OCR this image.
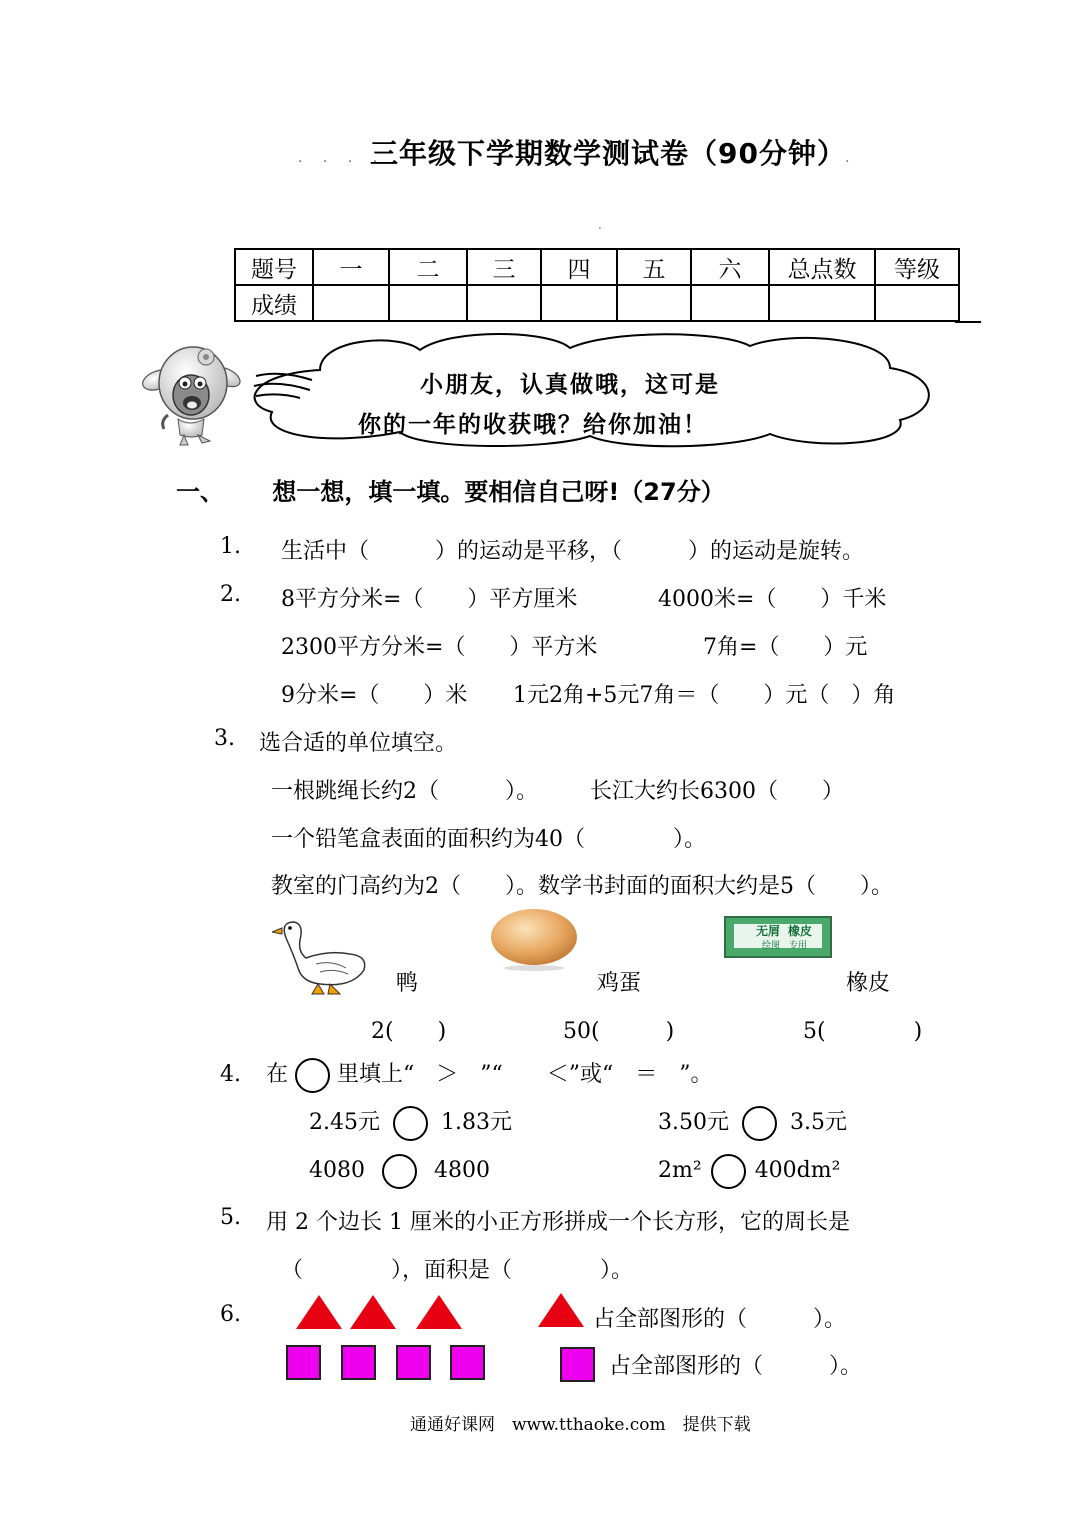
. . . .
三年级下学期数学测试卷（90分钟） .
.
题号	一	二	三	四	五	六	总点数	等级
成绩								
小朋友，认真做哦，这可是
你的一年的收获哦？给你加油！
一、 想一想，填一填。要相信自己呀!（27分）
1. 生活中（　　　）的运动是平移，（　　　）的运动是旋转。
2. 8平方分米=（　　）平方厘米	4000米=（　　）千米
2300平方分米=（　　）平方米	7角=（　　）元
9分米=（　　）米 1元2角+5元7角＝（　　）元（　）角
3. 选合适的单位填空。
一根跳绳长约2（　　　）。 长江大约长6300（　　）
一个铅笔盒表面的面积约为40（　　　　）。
教室的门高约为2（　　）。数学书封面的面积大约是5（　　）。
无屑 橡皮
绘图　专用
鸭	鸡蛋	橡皮
2(　　)	50(　　　)	5(　　　　)
4. 在 里填上“　＞　”“　　＜”或“　＝　”。
2.45元	1.83元	3.50元	3.5元
4080	4800	2m² 400dm²
5. 用 2 个边长 1 厘米的小正方形拼成一个长方形，它的周长是
（　　　　），面积是（　　　　）。
6.	占全部图形的（　　　）。
占全部图形的（　　　）。
通通好课网　www.tthaoke.com　提供下载
